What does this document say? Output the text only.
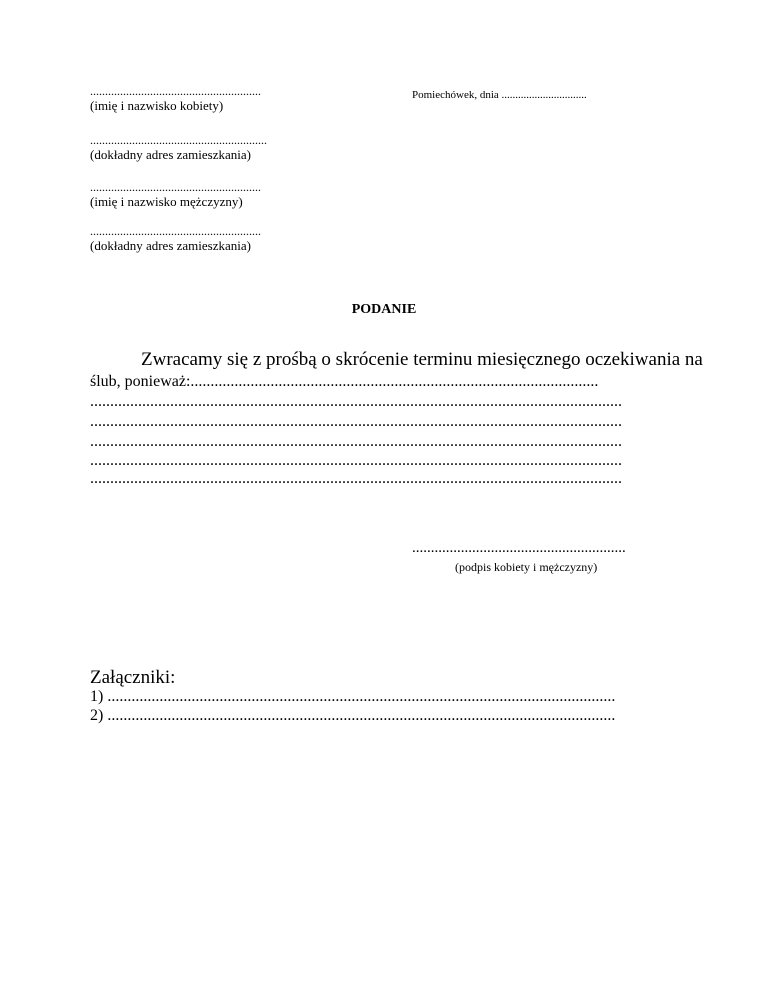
.........................................................
(imię i nazwisko kobiety)
...........................................................
(dokładny adres zamieszkania)
.........................................................
(imię i nazwisko mężczyzny)
.........................................................
(dokładny adres zamieszkania)
Pomiechówek, dnia ...............................
PODANIE
Zwracamy się z prośbą o skrócenie terminu miesięcznego oczekiwania na
ślub, ponieważ:......................................................................................................
.....................................................................................................................................
.....................................................................................................................................
.....................................................................................................................................
.....................................................................................................................................
.....................................................................................................................................
.........................................................
(podpis kobiety i mężczyzny)
Załączniki:
1) ...............................................................................................................................
2) ...............................................................................................................................
